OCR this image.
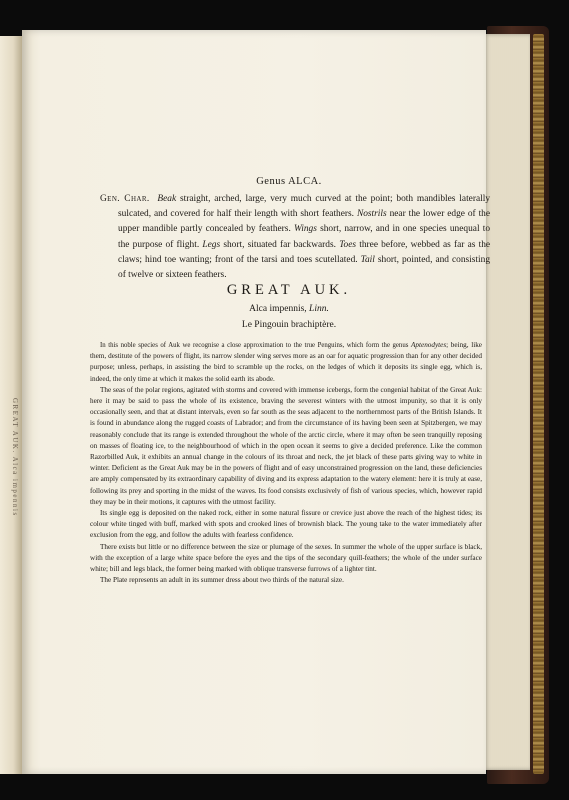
GREAT AUK. Alca impennis

Genus ALCA.

Gen. Char. Beak straight, arched, large, very much curved at the point; both mandibles laterally sulcated, and covered for half their length with short feathers. Nostrils near the lower edge of the upper mandible partly concealed by feathers. Wings short, narrow, and in one species unequal to the purpose of flight. Legs short, situated far backwards. Toes three before, webbed as far as the claws; hind toe wanting; front of the tarsi and toes scutellated. Tail short, pointed, and consisting of twelve or sixteen feathers.

GREAT AUK.

Alca impennis, Linn.

Le Pingouin brachiptère.

In this noble species of Auk we recognise a close approximation to the true Penguins, which form the genus Aptenodytes; being, like them, destitute of the powers of flight, its narrow slender wing serves more as an oar for aquatic progression than for any other decided purpose; unless, perhaps, in assisting the bird to scramble up the rocks, on the ledges of which it deposits its single egg, which is, indeed, the only time at which it makes the solid earth its abode.

The seas of the polar regions, agitated with storms and covered with immense icebergs, form the congenial habitat of the Great Auk: here it may be said to pass the whole of its existence, braving the severest winters with the utmost impunity, so that it is only occasionally seen, and that at distant intervals, even so far south as the seas adjacent to the northernmost parts of the British Islands. It is found in abundance along the rugged coasts of Labrador; and from the circumstance of its having been seen at Spitzbergen, we may reasonably conclude that its range is extended throughout the whole of the arctic circle, where it may often be seen tranquilly reposing on masses of floating ice, to the neighbourhood of which in the open ocean it seems to give a decided preference. Like the common Razorbilled Auk, it exhibits an annual change in the colours of its throat and neck, the jet black of these parts giving way to white in winter. Deficient as the Great Auk may be in the powers of flight and of easy unconstrained progression on the land, these deficiencies are amply compensated by its extraordinary capability of diving and its express adaptation to the watery element: here it is truly at ease, following its prey and sporting in the midst of the waves. Its food consists exclusively of fish of various species, which, however rapid they may be in their motions, it captures with the utmost facility.

Its single egg is deposited on the naked rock, either in some natural fissure or crevice just above the reach of the highest tides; its colour white tinged with buff, marked with spots and crooked lines of brownish black. The young take to the water immediately after exclusion from the egg, and follow the adults with fearless confidence.

There exists but little or no difference between the size or plumage of the sexes. In summer the whole of the upper surface is black, with the exception of a large white space before the eyes and the tips of the secondary quill-feathers; the whole of the under surface white; bill and legs black, the former being marked with oblique transverse furrows of a lighter tint.

The Plate represents an adult in its summer dress about two thirds of the natural size.
